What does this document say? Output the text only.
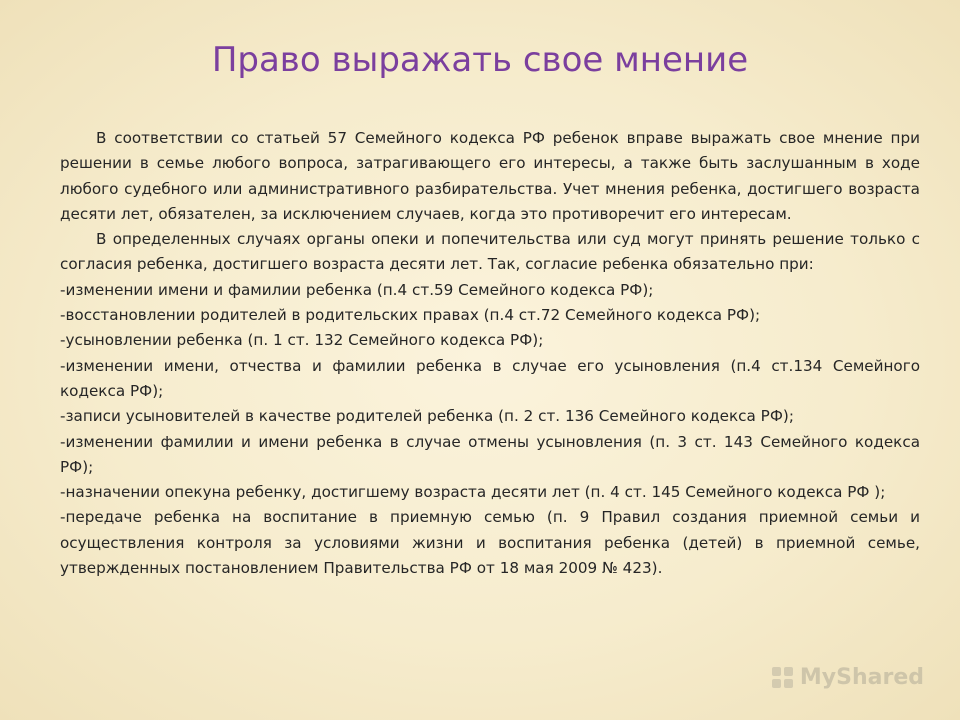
Право выражать свое мнение

В соответствии со статьей 57 Семейного кодекса РФ ребенок вправе выражать свое мнение при решении в семье любого вопроса, затрагивающего его интересы, а также быть заслушанным в ходе любого судебного или административного разбирательства. Учет мнения ребенка, достигшего возраста десяти лет, обязателен, за исключением случаев, когда это противоречит его интересам.

В определенных случаях органы опеки и попечительства или суд могут принять решение только с согласия ребенка, достигшего возраста десяти лет. Так, согласие ребенка обязательно при:

-изменении имени и фамилии ребенка (п.4 ст.59 Семейного кодекса РФ);

-восстановлении родителей в родительских правах (п.4 ст.72 Семейного кодекса РФ);

-усыновлении ребенка (п. 1 ст. 132 Семейного кодекса РФ);

-изменении имени, отчества и фамилии ребенка в случае его усыновления (п.4 ст.134 Семейного кодекса РФ);

-записи усыновителей в качестве родителей ребенка (п. 2 ст. 136 Семейного кодекса РФ);

-изменении фамилии и имени ребенка в случае отмены усыновления (п. 3 ст. 143 Семейного кодекса РФ);

-назначении опекуна ребенку, достигшему возраста десяти лет (п. 4 ст. 145 Семейного кодекса РФ );

-передаче ребенка на воспитание в приемную семью (п. 9 Правил создания приемной семьи и осуществления контроля за условиями жизни и воспитания ребенка (детей) в приемной семье, утвержденных постановлением Правительства РФ от 18 мая 2009 № 423).

MyShared
